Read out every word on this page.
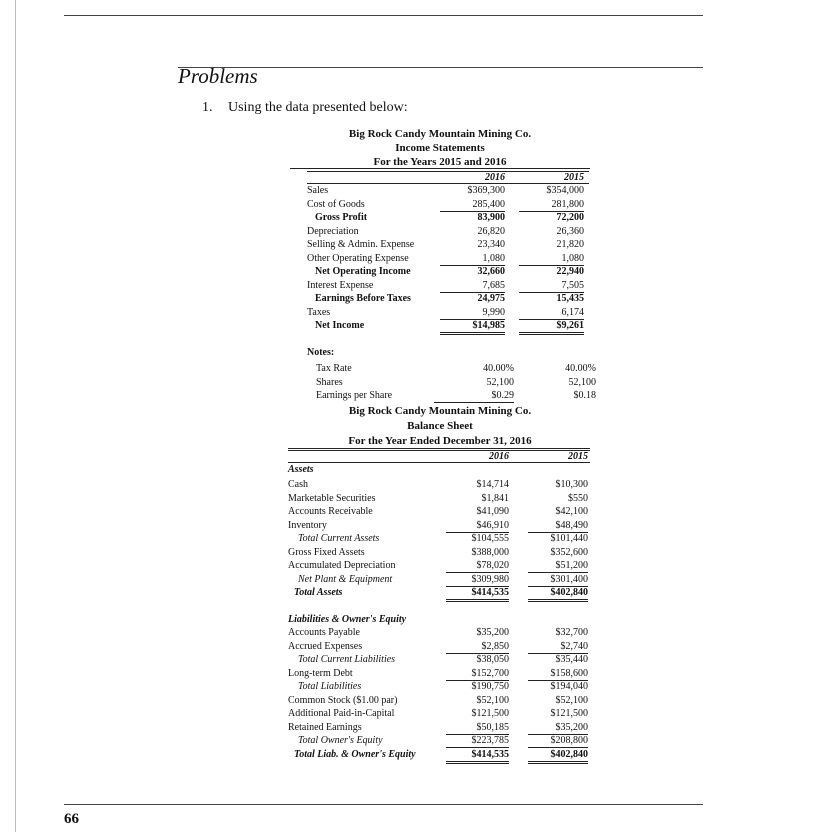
Problems
1. Using the data presented below:
Big Rock Candy Mountain Mining Co.
Income Statements
For the Years 2015 and 2016
2016	2015
Sales	$369,300	$354,000
Cost of Goods	285,400	281,800
Gross Profit	83,900	72,200
Depreciation	26,820	26,360
Selling & Admin. Expense	23,340	21,820
Other Operating Expense	1,080	1,080
Net Operating Income	32,660	22,940
Interest Expense	7,685	7,505
Earnings Before Taxes	24,975	15,435
Taxes	9,990	6,174
Net Income	$14,985	$9,261
Notes:
Tax Rate	40.00%	40.00%
Shares	52,100	52,100
Earnings per Share	$0.29	$0.18
Big Rock Candy Mountain Mining Co.
Balance Sheet
For the Year Ended December 31, 2016
2016	2015
Assets
Cash	$14,714	$10,300
Marketable Securities	$1,841	$550
Accounts Receivable	$41,090	$42,100
Inventory	$46,910	$48,490
Total Current Assets	$104,555	$101,440
Gross Fixed Assets	$388,000	$352,600
Accumulated Depreciation	$78,020	$51,200
Net Plant & Equipment	$309,980	$301,400
Total Assets	$414,535	$402,840
Liabilities & Owner's Equity
Accounts Payable	$35,200	$32,700
Accrued Expenses	$2,850	$2,740
Total Current Liabilities	$38,050	$35,440
Long-term Debt	$152,700	$158,600
Total Liabilities	$190,750	$194,040
Common Stock ($1.00 par)	$52,100	$52,100
Additional Paid-in-Capital	$121,500	$121,500
Retained Earnings	$50,185	$35,200
Total Owner's Equity	$223,785	$208,800
Total Liab. & Owner's Equity	$414,535	$402,840
66
